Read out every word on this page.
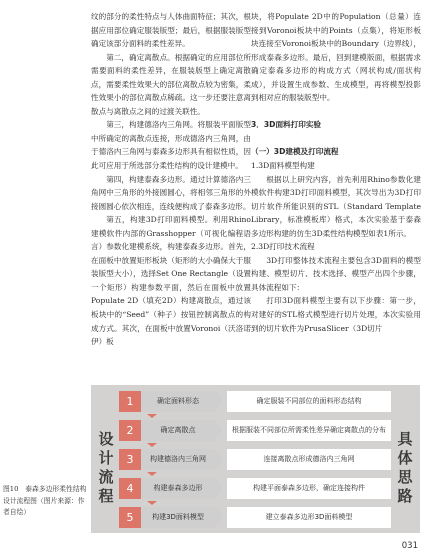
纹的部分的柔性特点与人体曲面特征；其次，根据应用部位确定服装版型；最后，根据服装版型确定该部分面料的柔性差异。

第二，确定离散点。根据确定的应用部位所需要面料的柔性差异，在服装版型上确定离散点，需要柔性效果大的部位离散点较为密集，柔性效果小的部位离散点稀疏。这一步还要注意离散点与离散点之间的过渡关联性。

第三，构建德洛内三角网。将服装平面版型中所确定的离散点连接，形成德洛内三角网，由于德洛内三角网与泰森多边形具有相似性质，因此可应用于所选部分柔性结构的设计建模中。

第四，构建泰森多边形。通过计算德洛内三角网中三角形的外接圆圆心，将相邻三角形的外接圆圆心依次相连，连线便构成了泰森多边形。

第五，构建3D打印面料模型。利用Rhino建模软件内部的Grasshopper（可视化编程语言）参数化建模系统，构建泰森多边形。首先，在面板中放置矩形板块（矩形的大小确保大于服装版型大小），选择Set One Rectangle（设置一个矩形）构建参数平面，然后在面板中放置Populate 2D（填充2D）构建离散点，通过该板块中的“Seed”（种子）按钮控制离散点的构成方式。其次，在面板中放置Voronoi（沃洛诺伊）板

块，将Populate 2D中的Population（总量）连接到Voronoi板块中的Points（点集），将矩形板块连接至Voronoi板块中的Boundary（边界线），形成泰森多边形。最后，回到建模版面，根据需求确定泰森多边形的构成方式（网状构成/面状构成），并设置生成参数、生成模型，再将模型投影到相对应的服装版型中。

3．3D面料打印实验

（一）3D建模及打印流程

1.3D面料模型构建

根据以上研究内容，首先利用Rhino参数化建模软件构建3D打印面料模型，其次导出为3D打印切片软件所能识别的STL（Standard Template Library，标准模板库）格式，本次实验基于泰森多边形构建的仿生3D柔性结构模型如表1所示。

2.3D打印技术流程

3D打印整体技术流程主要包含3D面料的模型构建、模型切片、技术选择、模型产出四个步骤，具体流程如下：

打印3D面料模型主要有以下步骤：第一步，对建好的STL格式模型进行切片处理，本次实验用到的切片软件为PrusaSlicer（3D切片

设计流程
具体思路
1	确定面料形态	确定服装不同部位的面料形态结构
2	确定离散点	根据服装不同部位所需柔性差异确定离散点的分布
3	构建德洛内三角网	连接离散点形成德洛内三角网
4	构建泰森多边形	构建平面泰森多边形，确定连接构件
5	构建3D面料模型	建立泰森多边形3D面料模型
图10　泰森多边形柔性结构设计流程图（图片来源：作者自绘）
031
